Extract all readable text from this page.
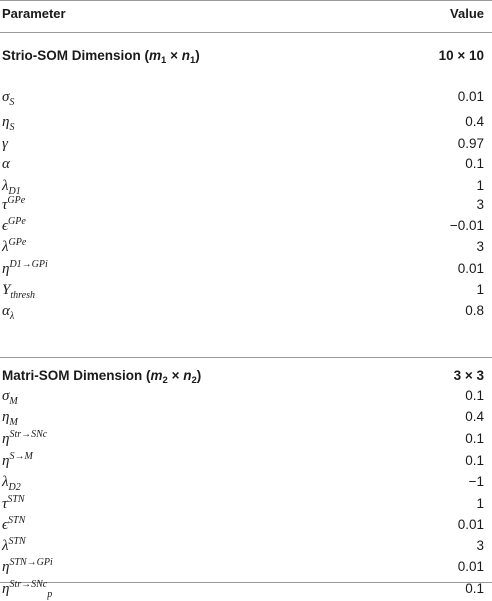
Parameter	Value
Strio-SOM Dimension $(m_1 \times n_1)$	10 × 10
$\sigma_S$	0.01
$\eta_S$	0.4
γ	0.97
α	0.1
$\lambda_{D1}$	1
$\tau^{GPe}$	3
$\epsilon^{GPe}$	−0.01
$\lambda^{GPe}$	3
$\eta^{D1\to GPi}$	0.01
$Y_{thresh}$	1
$\alpha_\lambda$	0.8
Matri-SOM Dimension $(m_2 \times n_2)$	3 × 3
$\sigma_M$	0.1
$\eta_M$	0.4
$\eta^{Str\to SNc}$	0.1
$\eta^{S\to M}$	0.1
$\lambda_{D2}$	−1
$\tau^{STN}$	1
$\epsilon^{STN}$	0.01
$\lambda^{STN}$	3
$\eta^{STN\to GPi}$	0.01
$\eta^{Str\to SNc}_p$	0.1
